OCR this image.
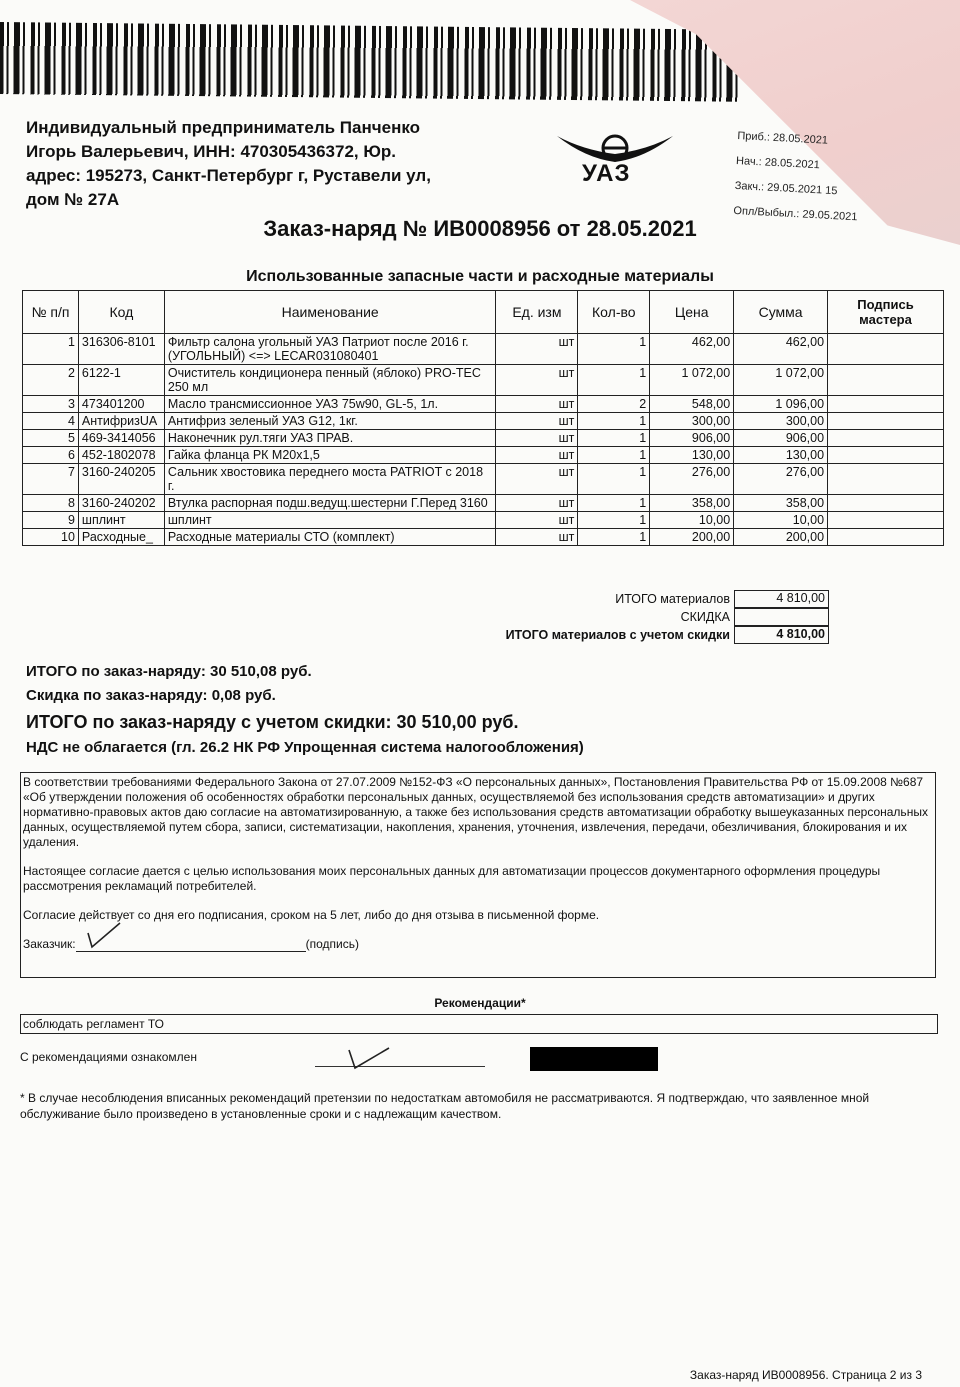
Индивидуальный предприниматель Панченко
Игорь Валерьевич, ИНН: 470305436372, Юр.
адрес: 195273, Санкт-Петербург г, Руставели ул,
дом № 27А
УАЗ
Приб.: 28.05.2021
Нач.: 28.05.2021
Закч.: 29.05.2021 15
Опл/Выбыл.: 29.05.2021
Заказ-наряд № ИВ0008956 от 28.05.2021
Использованные запасные части и расходные материалы
№ п/п	Код	Наименование	Ед. изм	Кол-во	Цена	Сумма	Подпись мастера
1	316306-8101	Фильтр салона угольный УАЗ Патриот после 2016 г. (УГОЛЬНЫЙ) <=> LECAR031080401	шт	1	462,00	462,00	
2	6122-1	Очиститель кондиционера пенный (яблоко) PRO-TEC 250 мл	шт	1	1 072,00	1 072,00	
3	473401200	Масло трансмиссионное УАЗ 75w90, GL-5, 1л.	шт	2	548,00	1 096,00	
4	АнтифризUA	Антифриз зеленый УАЗ G12, 1кг.	шт	1	300,00	300,00	
5	469-3414056	Наконечник рул.тяги УАЗ ПРАВ.	шт	1	906,00	906,00	
6	452-1802078	Гайка фланца РК М20х1,5	шт	1	130,00	130,00	
7	3160-240205	Сальник хвостовика переднего моста PATRIOT с 2018 г.	шт	1	276,00	276,00	
8	3160-240202	Втулка распорная подш.ведущ.шестерни Г.Перед 3160	шт	1	358,00	358,00	
9	шплинт	шплинт	шт	1	10,00	10,00	
10	Расходные_	Расходные материалы СТО (комплект)	шт	1	200,00	200,00	
ИТОГО материалов	4 810,00
СКИДКА
ИТОГО материалов с учетом скидки	4 810,00
ИТОГО по заказ-наряду: 30 510,08 руб.
Скидка по заказ-наряду: 0,08 руб.
ИТОГО по заказ-наряду с учетом скидки: 30 510,00 руб.
НДС не облагается (гл. 26.2 НК РФ Упрощенная система налогообложения)

В соответствии требованиями Федерального Закона от 27.07.2009 №152-ФЗ «О персональных данных», Постановления Правительства РФ от 15.09.2008 №687 «Об утверждении положения об особенностях обработки персональных данных, осуществляемой без использования средств автоматизации» и других нормативно-правовых актов даю согласие на автоматизированную, а также без использования средств автоматизации обработку вышеуказанных персональных данных, осуществляемой путем сбора, записи, систематизации, накопления, хранения, уточнения, извлечения, передачи, обезличивания, блокирования и их удаления.

Настоящее согласие дается с целью использования моих персональных данных для автоматизации процессов документарного оформления процедуры рассмотрения рекламаций потребителей.

Согласие действует со дня его подписания, сроком на 5 лет, либо до дня отзыва в письменной форме.

Заказчик:	(подпись)
Рекомендации*
соблюдать регламент ТО
С рекомендациями ознакомлен
* В случае несоблюдения вписанных рекомендаций претензии по недостаткам автомобиля не рассматриваются. Я подтверждаю, что заявленное мной обслуживание было произведено в установленные сроки и с надлежащим качеством.
Заказ-наряд ИВ0008956. Страница 2 из 3
